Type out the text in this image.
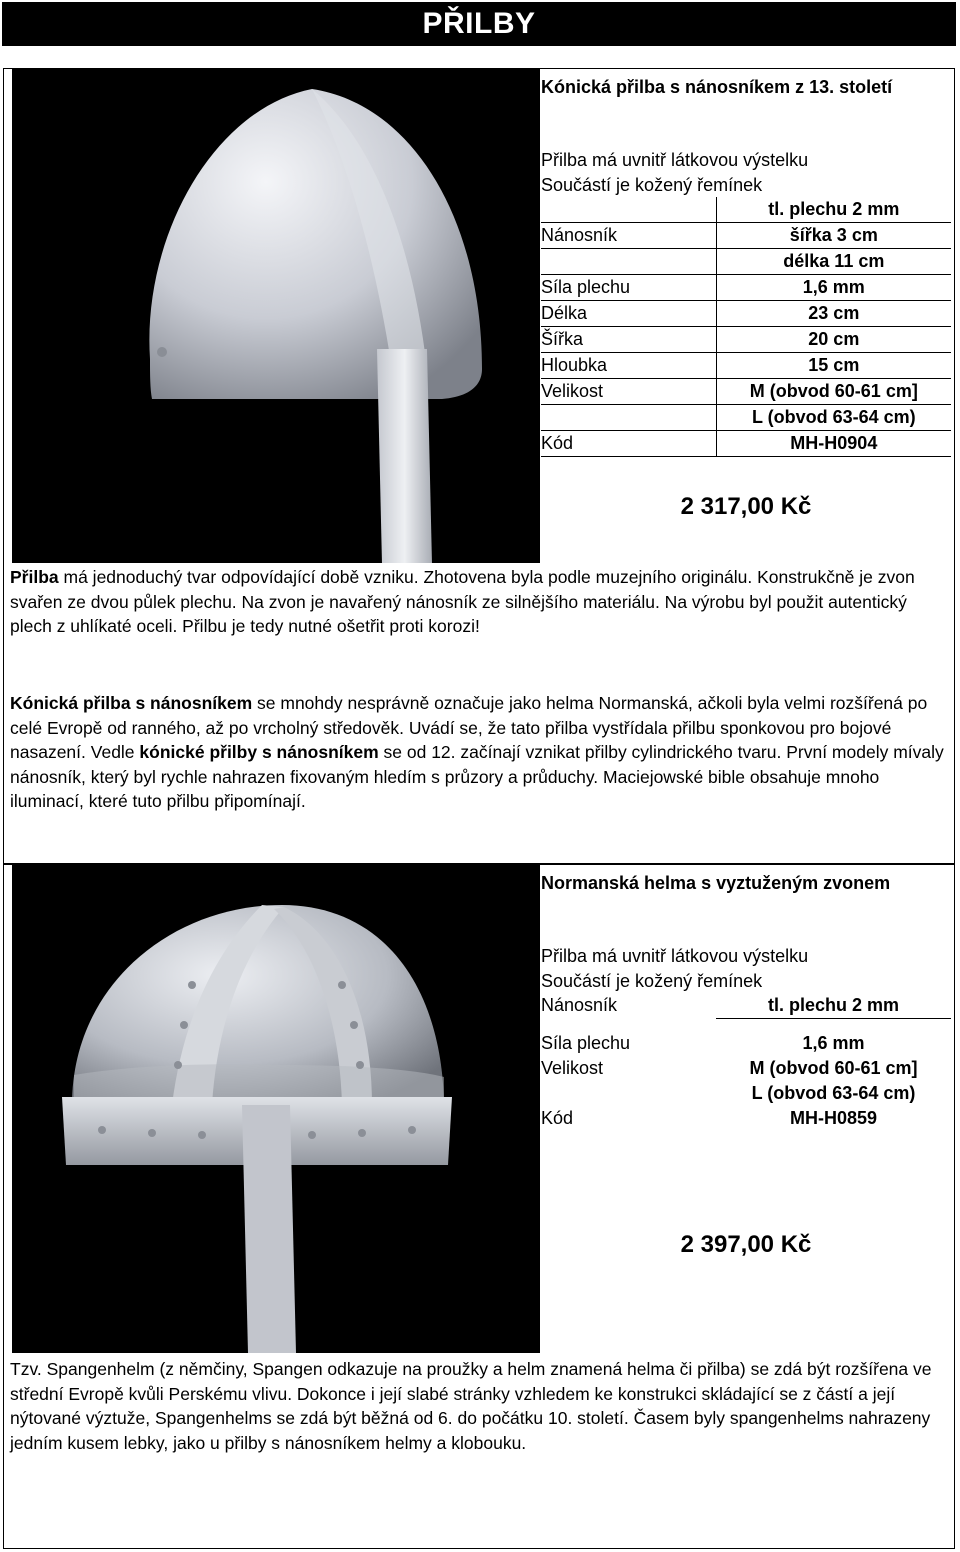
PŘILBY
Kónická přilba s nánosníkem z 13. století
Přilba má uvnitř látkovou výstelku
Součástí je kožený řemínek
	tl. plechu 2 mm
Nánosník	šířka 3 cm
	délka 11 cm
Síla plechu	1,6 mm
Délka	23 cm
Šířka	20 cm
Hloubka	15 cm
Velikost	M (obvod 60-61 cm]
	L (obvod 63-64 cm)
Kód	MH-H0904
2 317,00 Kč
Přilba má jednoduchý tvar odpovídající době vzniku. Zhotovena byla podle muzejního originálu. Konstrukčně je zvon svařen ze dvou půlek plechu. Na zvon je navařený nánosník ze silnějšího materiálu. Na výrobu byl použit autentický plech z uhlíkaté oceli. Přilbu je tedy nutné ošetřit proti korozi!
Kónická přilba s nánosníkem se mnohdy nesprávně označuje jako helma Normanská, ačkoli byla velmi rozšířená po celé Evropě od ranného, až po vrcholný středověk. Uvádí se, že tato přilba vystřídala přilbu sponkovou pro bojové nasazení. Vedle kónické přilby s nánosníkem se od 12. začínají vznikat přilby cylindrického tvaru. První modely mívaly nánosník, který byl rychle nahrazen fixovaným hledím s průzory a průduchy. Maciejowské bible obsahuje mnoho iluminací, které tuto přilbu připomínají.
Normanská helma s vyztuženým zvonem
Přilba má uvnitř látkovou výstelku
Součástí je kožený řemínek
Nánosník	tl. plechu 2 mm
Síla plechu	1,6 mm
Velikost	M (obvod 60-61 cm]
	L (obvod 63-64 cm)
Kód	MH-H0859
2 397,00 Kč
Tzv. Spangenhelm (z němčiny, Spangen odkazuje na proužky a helm znamená helma či přilba) se zdá být rozšířena ve střední Evropě kvůli Perskému vlivu. Dokonce i její slabé stránky vzhledem ke konstrukci skládající se z částí a její nýtované výztuže, Spangenhelms se zdá být běžná od 6. do počátku 10. století. Časem byly spangenhelms nahrazeny jedním kusem lebky, jako u přilby s nánosníkem helmy a klobouku.
